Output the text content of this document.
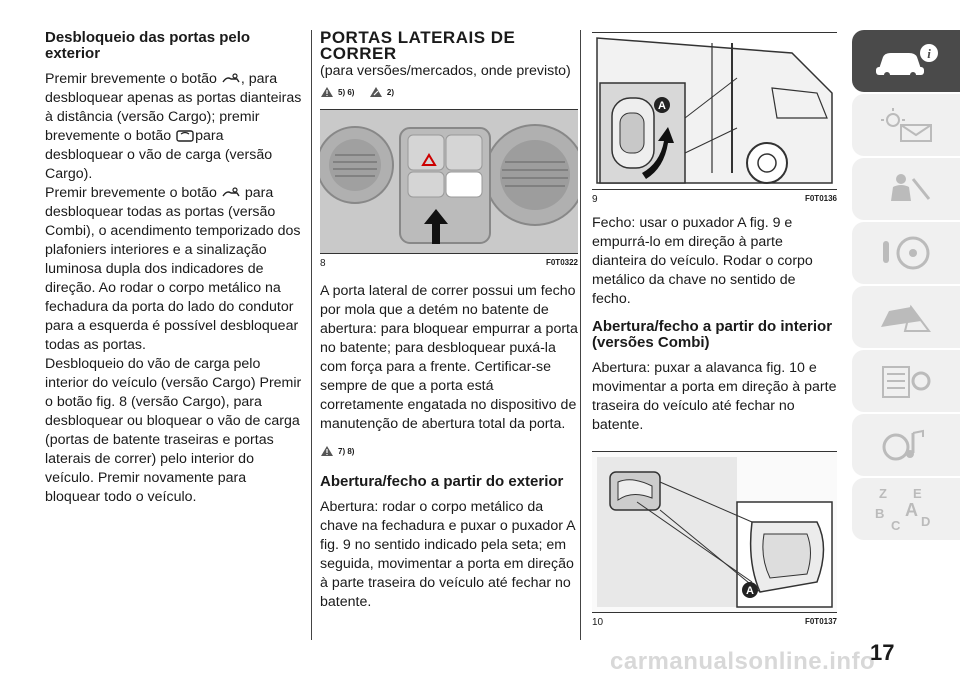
Desbloqueio das portas pelo exterior

Premir brevemente o botão , para desbloquear apenas as portas dianteiras à distância (versão Cargo); premir brevemente o botão para desbloquear o vão de carga (versão Cargo).

Premir brevemente o botão para desbloquear todas as portas (versão Combi), o acendimento temporizado dos plafoniers interiores e a sinalização luminosa dupla dos indicadores de direção. Ao rodar o corpo metálico na fechadura da porta do lado do condutor para a esquerda é possível desbloquear todas as portas.

Desbloqueio do vão de carga pelo interior do veículo (versão Cargo) Premir o botão fig. 8 (versão Cargo), para desbloquear ou bloquear o vão de carga (portas de batente traseiras e portas laterais de correr) pelo interior do veículo. Premir novamente para bloquear todo o veículo.

PORTAS LATERAIS DE CORRER

(para versões/mercados, onde previsto)

5) 6)
	2)
8	F0T0322

A porta lateral de correr possui um fecho por mola que a detém no batente de abertura: para bloquear empurrar a porta no batente; para desbloquear puxá-la com força para a frente. Certificar-se sempre de que a porta está corretamente engatada no dispositivo de manutenção de abertura total da porta.

7) 8)
Abertura/fecho a partir do exterior

Abertura: rodar o corpo metálico da chave na fechadura e puxar o puxador A fig. 9 no sentido indicado pela seta; em seguida, movimentar a porta em direção à parte traseira do veículo até fechar no batente.

A
9	F0T0136

Fecho: usar o puxador A fig. 9 e empurrá-lo em direção à parte dianteira do veículo. Rodar o corpo metálico da chave no sentido de fecho.

Abertura/fecho a partir do interior (versões Combi)

Abertura: puxar a alavanca fig. 10 e movimentar a porta em direção à parte traseira do veículo até fechar no batente.

A
10	F0T0137
i
Z E
B A
C D
carmanualsonline.info
17
